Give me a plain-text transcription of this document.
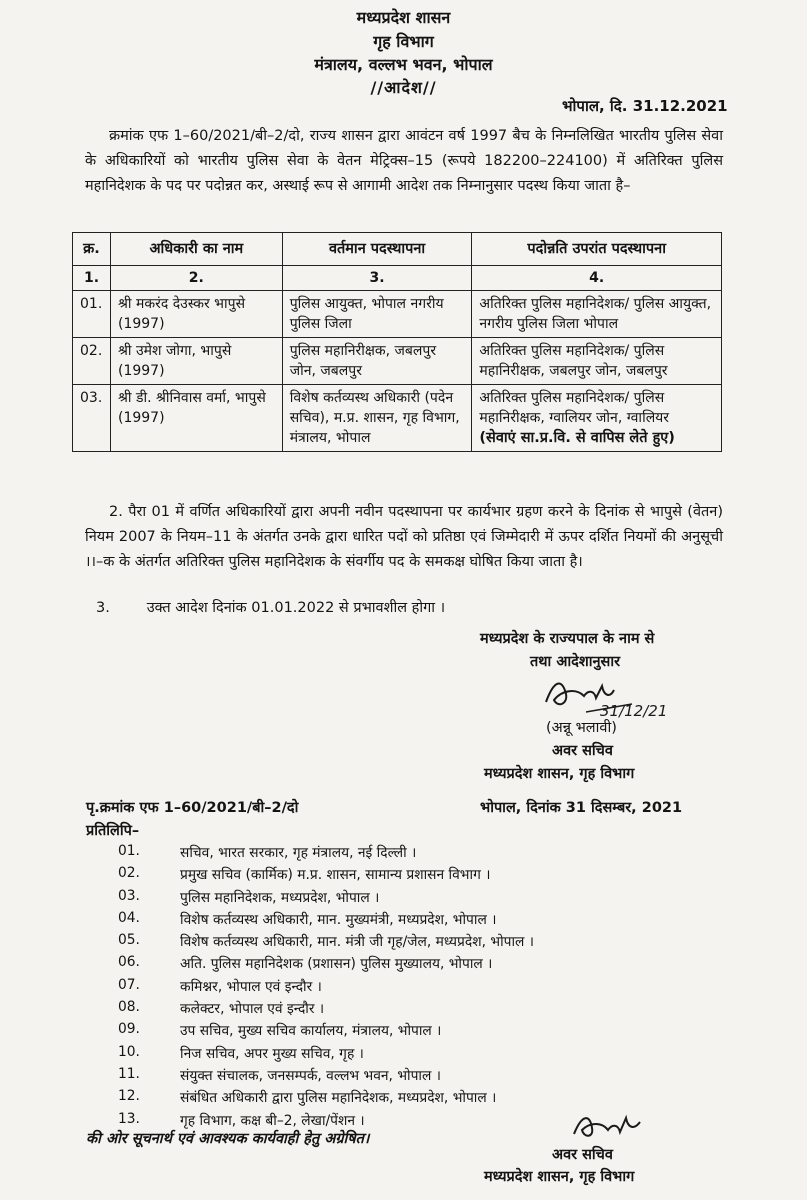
मध्यप्रदेश शासन
गृह विभाग
मंत्रालय, वल्लभ भवन, भोपाल
//आदेश//
भोपाल, दि. 31.12.2021
क्रमांक एफ 1–60/2021/बी–2/दो, राज्य शासन द्वारा आवंटन वर्ष 1997 बैच के निम्नलिखित भारतीय पुलिस सेवा के अधिकारियों को भारतीय पुलिस सेवा के वेतन मेट्रिक्स–15 (रूपये 182200–224100) में अतिरिक्त पुलिस महानिदेशक के पद पर पदोन्नत कर, अस्थाई रूप से आगामी आदेश तक निम्नानुसार पदस्थ किया जाता है–
क्र.	अधिकारी का नाम	वर्तमान पदस्थापना	पदोन्नति उपरांत पदस्थापना
1.	2.	3.	4.
01.	श्री मकरंद देउस्कर भापुसे (1997)	पुलिस आयुक्त, भोपाल नगरीय पुलिस जिला	अतिरिक्त पुलिस महानिदेशक/ पुलिस आयुक्त, नगरीय पुलिस जिला भोपाल
02.	श्री उमेश जोगा, भापुसे (1997)	पुलिस महानिरीक्षक, जबलपुर जोन, जबलपुर	अतिरिक्त पुलिस महानिदेशक/ पुलिस महानिरीक्षक, जबलपुर जोन, जबलपुर
03.	श्री डी. श्रीनिवास वर्मा, भापुसे (1997)	विशेष कर्तव्यस्थ अधिकारी (पदेन सचिव), म.प्र. शासन, गृह विभाग, मंत्रालय, भोपाल	अतिरिक्त पुलिस महानिदेशक/ पुलिस महानिरीक्षक, ग्वालियर जोन, ग्वालियर
(सेवाएं सा.प्र.वि. से वापिस लेते हुए)
2. पैरा 01 में वर्णित अधिकारियों द्वारा अपनी नवीन पदस्थापना पर कार्यभार ग्रहण करने के दिनांक से भापुसे (वेतन) नियम 2007 के नियम–11 के अंतर्गत उनके द्वारा धारित पदों को प्रतिष्ठा एवं जिम्मेदारी में ऊपर दर्शित नियमों की अनुसूची ।।–क के अंतर्गत अतिरिक्त पुलिस महानिदेशक के संवर्गीय पद के समकक्ष घोषित किया जाता है।
3.        उक्त आदेश दिनांक 01.01.2022 से प्रभावशील होगा ।
मध्यप्रदेश के राज्यपाल के नाम से
तथा आदेशानुसार
31/12/21
(अन्नू भलावी)
अवर सचिव
मध्यप्रदेश शासन, गृह विभाग
पृ.क्रमांक एफ 1–60/2021/बी–2/दो	भोपाल, दिनांक 31 दिसम्बर, 2021
प्रतिलिपि–
01.	सचिव, भारत सरकार, गृह मंत्रालय, नई दिल्ली ।
02.	प्रमुख सचिव (कार्मिक) म.प्र. शासन, सामान्य प्रशासन विभाग ।
03.	पुलिस महानिदेशक, मध्यप्रदेश, भोपाल ।
04.	विशेष कर्तव्यस्थ अधिकारी, मान. मुख्यमंत्री, मध्यप्रदेश, भोपाल ।
05.	विशेष कर्तव्यस्थ अधिकारी, मान. मंत्री जी गृह/जेल, मध्यप्रदेश, भोपाल ।
06.	अति. पुलिस महानिदेशक (प्रशासन) पुलिस मुख्यालय, भोपाल ।
07.	कमिश्नर, भोपाल एवं इन्दौर ।
08.	कलेक्टर, भोपाल एवं इन्दौर ।
09.	उप सचिव, मुख्य सचिव कार्यालय, मंत्रालय, भोपाल ।
10.	निज सचिव, अपर मुख्य सचिव, गृह ।
11.	संयुक्त संचालक, जनसम्पर्क, वल्लभ भवन, भोपाल ।
12.	संबंधित अधिकारी द्वारा पुलिस महानिदेशक, मध्यप्रदेश, भोपाल ।
13.	गृह विभाग, कक्ष बी–2, लेखा/पेंशन ।
की ओर सूचनार्थ एवं आवश्यक कार्यवाही हेतु अग्रेषित।
अवर सचिव
मध्यप्रदेश शासन, गृह विभाग
